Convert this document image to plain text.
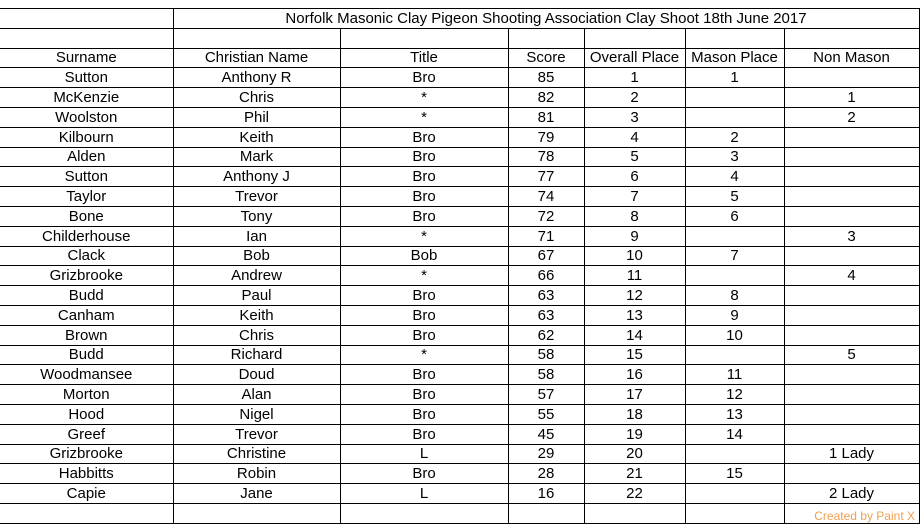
	Norfolk Masonic Clay Pigeon Shooting Association Clay Shoot 18th June 2017					

Surname	Christian Name	Title	Score	Overall Place	Mason Place	Non Mason
Sutton	Anthony R	Bro	85	1	1	
McKenzie	Chris	*	82	2		1
Woolston	Phil	*	81	3		2
Kilbourn	Keith	Bro	79	4	2	
Alden	Mark	Bro	78	5	3	
Sutton	Anthony J	Bro	77	6	4	
Taylor	Trevor	Bro	74	7	5	
Bone	Tony	Bro	72	8	6	
Childerhouse	Ian	*	71	9		3
Clack	Bob	Bob	67	10	7	
Grizbrooke	Andrew	*	66	11		4
Budd	Paul	Bro	63	12	8	
Canham	Keith	Bro	63	13	9	
Brown	Chris	Bro	62	14	10	
Budd	Richard	*	58	15		5
Woodmansee	Doud	Bro	58	16	11	
Morton	Alan	Bro	57	17	12	
Hood	Nigel	Bro	55	18	13	
Greef	Trevor	Bro	45	19	14	
Grizbrooke	Christine	L	29	20		1 Lady
Habbitts	Robin	Bro	28	21	15	
Capie	Jane	L	16	22		2 Lady

Created by Paint X
